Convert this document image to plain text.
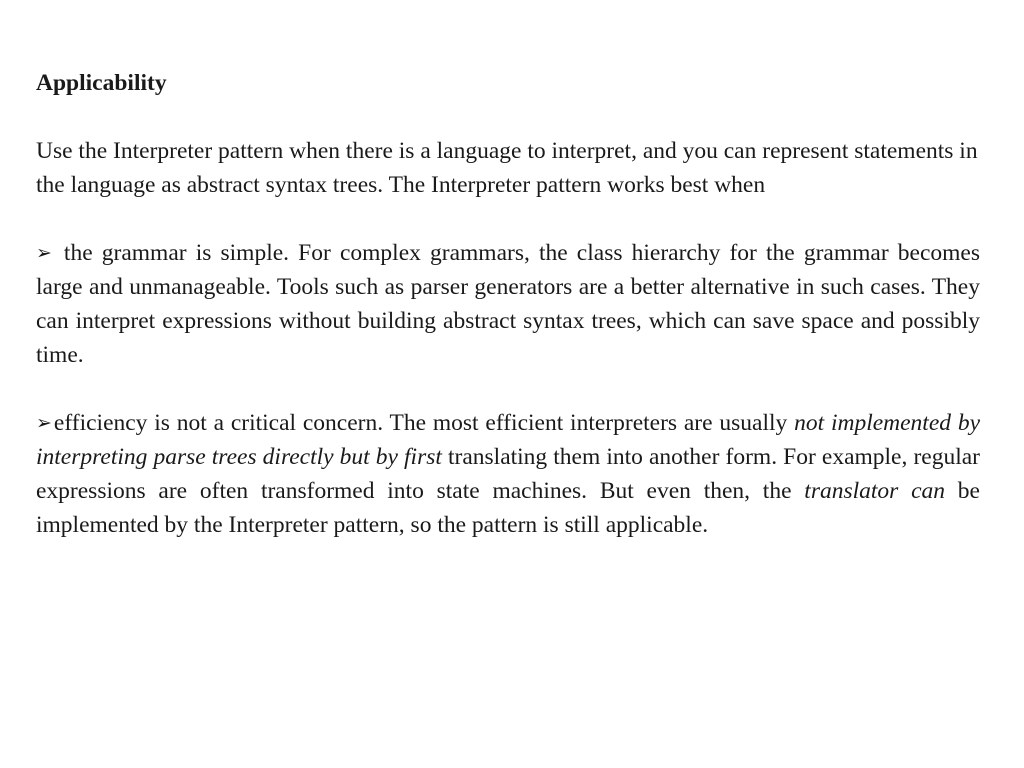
Applicability

Use the Interpreter pattern when there is a language to interpret, and you can represent statements in the language as abstract syntax trees. The Interpreter pattern works best when

➢ the grammar is simple. For complex grammars, the class hierarchy for the grammar becomes large and unmanageable. Tools such as parser generators are a better alternative in such cases. They can interpret expressions without building abstract syntax trees, which can save space and possibly time.

➢efficiency is not a critical concern. The most efficient interpreters are usually not implemented by interpreting parse trees directly but by first translating them into another form. For example, regular expressions are often transformed into state machines. But even then, the translator can be implemented by the Interpreter pattern, so the pattern is still applicable.
